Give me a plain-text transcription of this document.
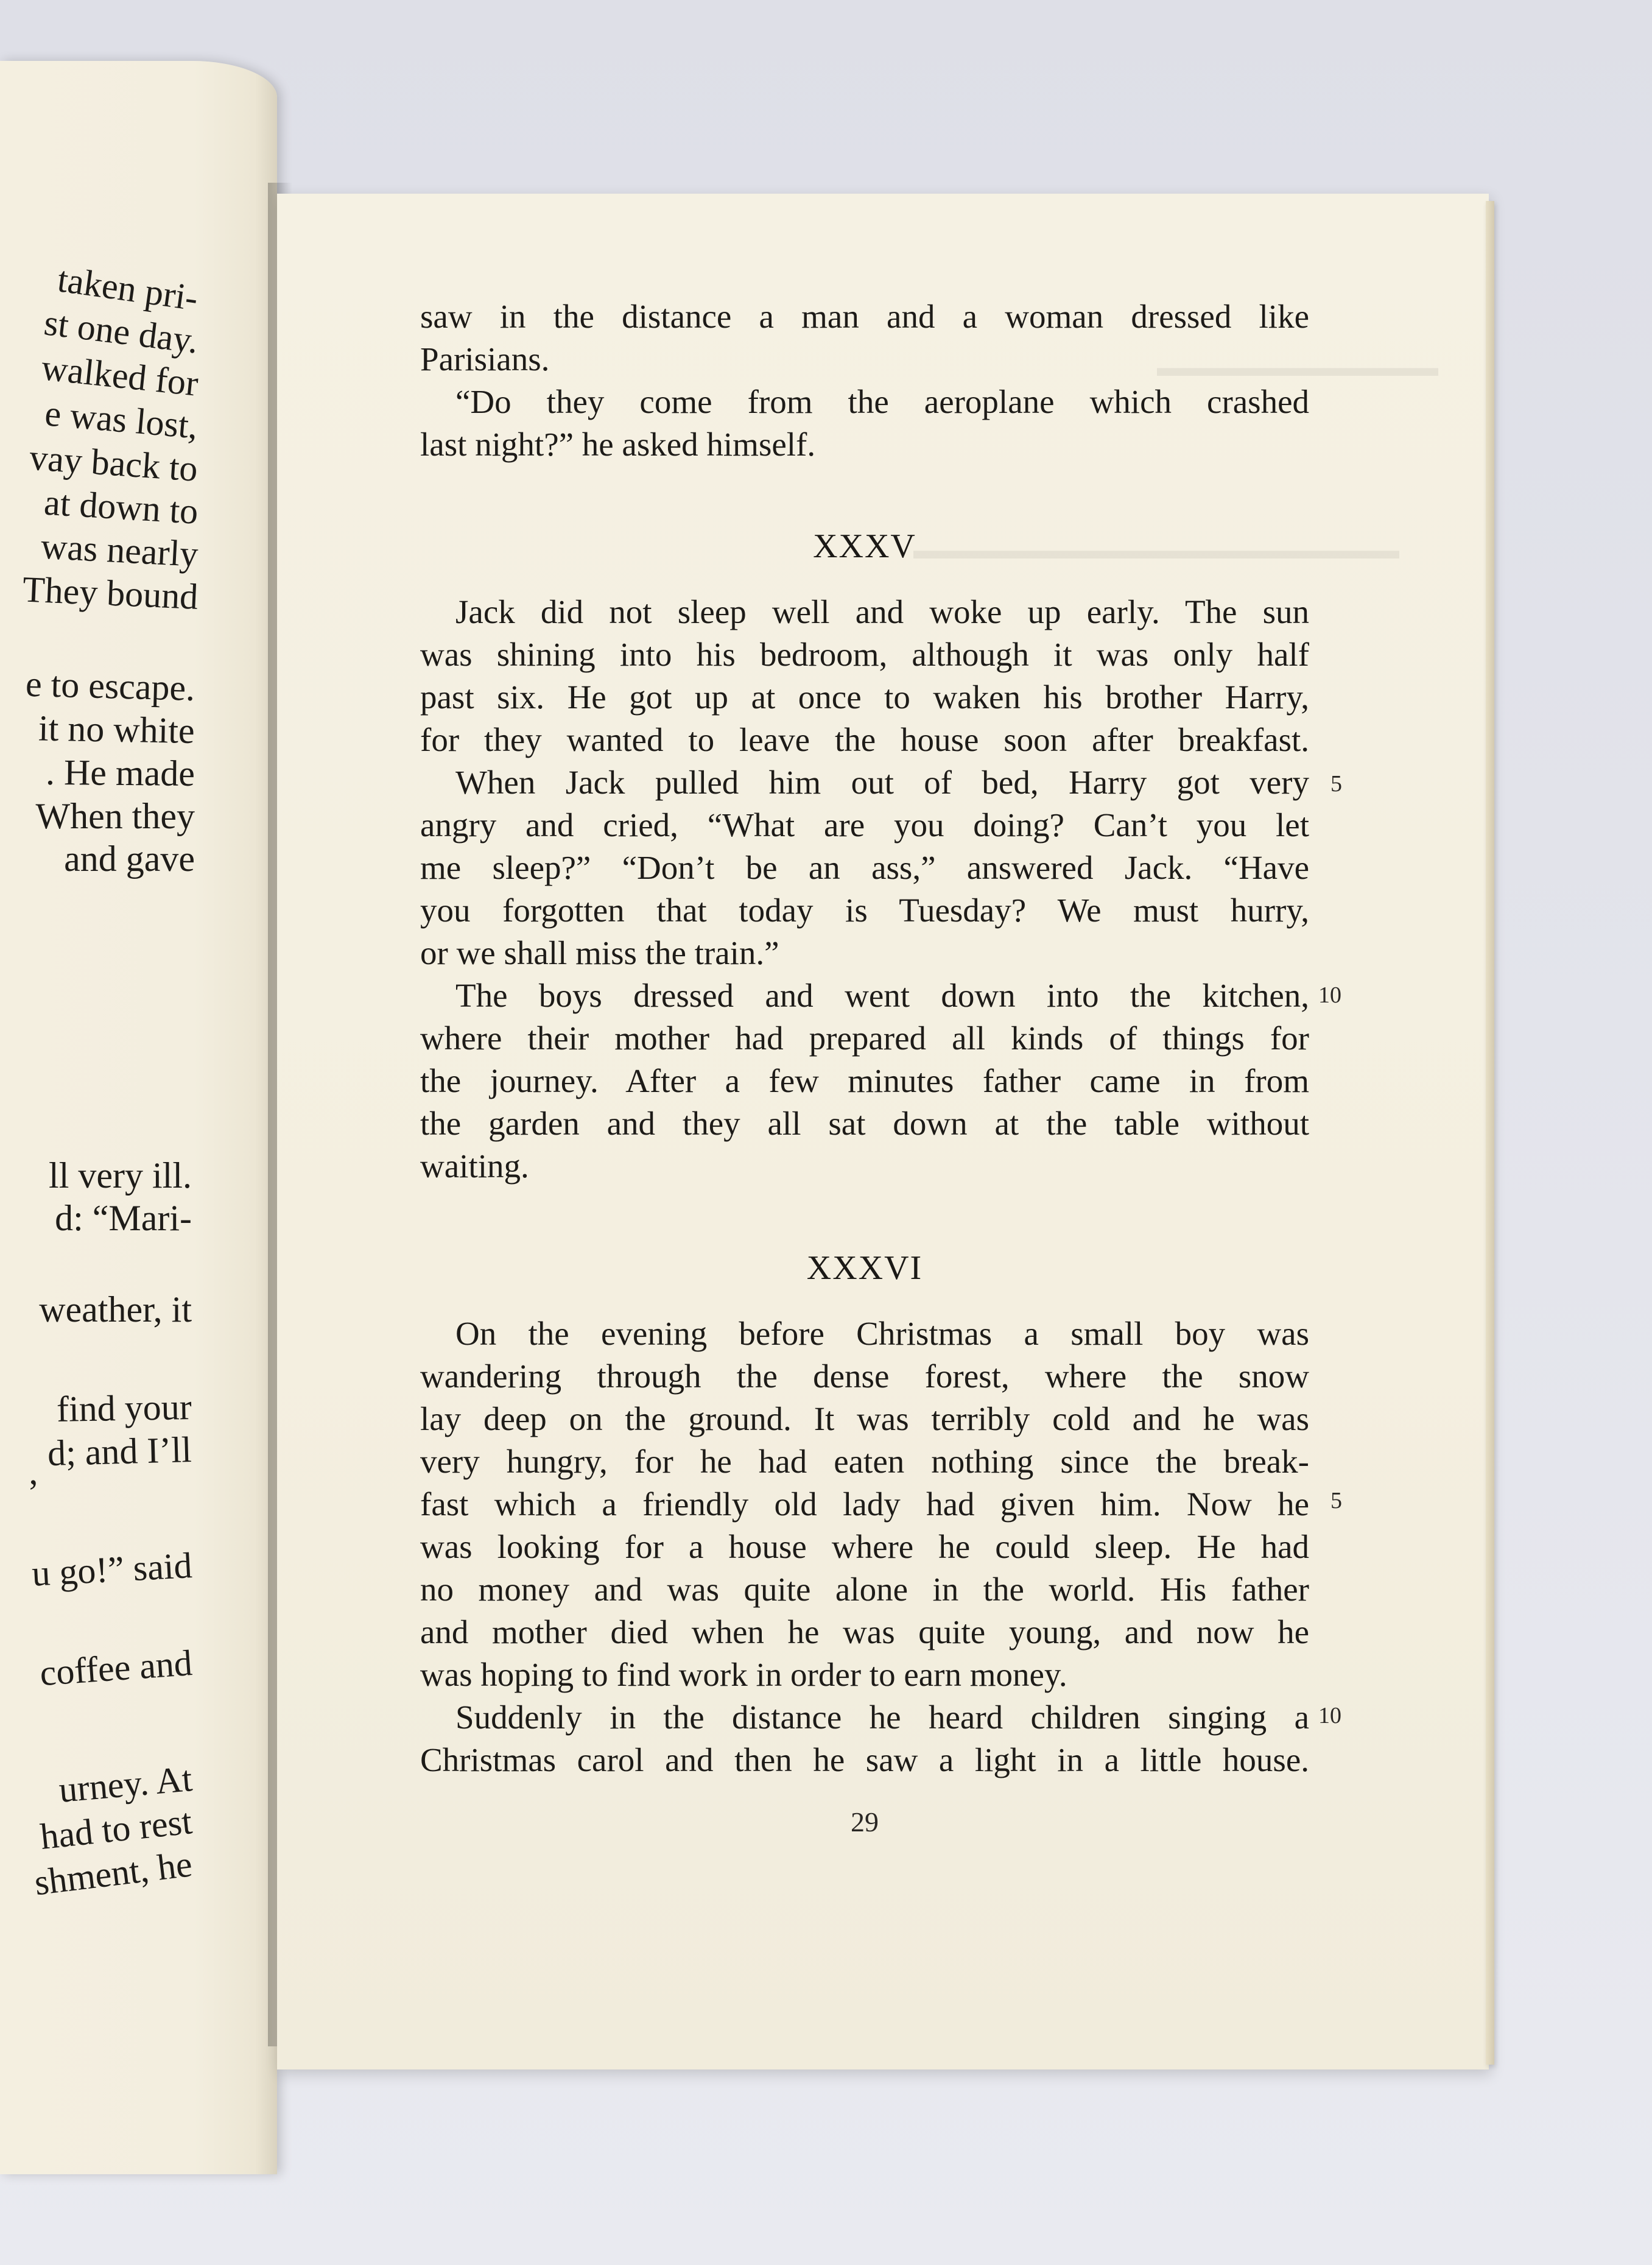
taken pri-
st one day.
walked for
e was lost,
vay back to
at down to
was nearly
They bound
e to escape.
it no white
. He made
When they
and gave
ll very ill.
d: “Mari-
weather, it
find your
d; and I’ll
’
u go!” said
coffee and
urney. At
had to rest
shment, he
▬▬▬▬▬▬▬▬▬▬▬
▬▬▬▬▬▬▬▬▬▬▬▬▬▬▬▬▬▬▬

saw in the distance a man and a woman dressed like
Parisians.

“Do they come from the aeroplane which crashed

last night?” he asked himself.

XXXV

Jack did not sleep well and woke up early. The sun

was shining into his bedroom, although it was only half
past six. He got up at once to waken his brother Harry,
for they wanted to leave the house soon after breakfast.

When Jack pulled him out of bed, Harry got very

angry and cried, “What are you doing? Can’t you let
me sleep?” “Don’t be an ass,” answered Jack. “Have
you forgotten that today is Tuesday? We must hurry,
or we shall miss the train.”

The boys dressed and went down into the kitchen,

where their mother had prepared all kinds of things for
the journey. After a few minutes father came in from
the garden and they all sat down at the table without
waiting.

5
10
XXXVI

On the evening before Christmas a small boy was

wandering through the dense forest, where the snow
lay deep on the ground. It was terribly cold and he was
very hungry, for he had eaten nothing since the break-
fast which a friendly old lady had given him. Now he
was looking for a house where he could sleep. He had
no money and was quite alone in the world. His father
and mother died when he was quite young, and now he
was hoping to find work in order to earn money.

Suddenly in the distance he heard children singing a

Christmas carol and then he saw a light in a little house.

5
10
29
